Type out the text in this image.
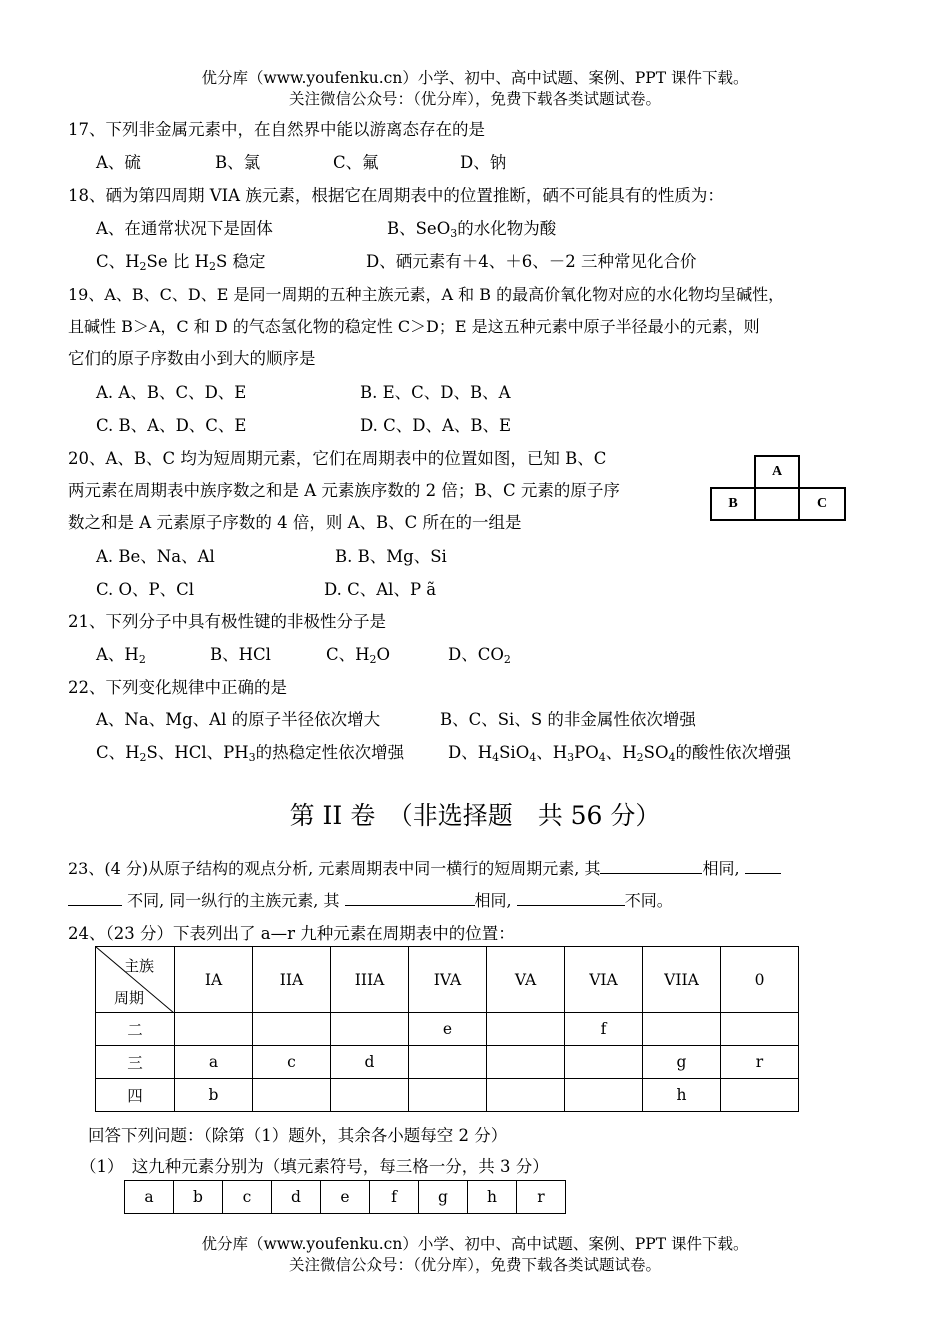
优分库（www.youfenku.cn）小学、初中、高中试题、案例、PPT 课件下载。
关注微信公众号：（优分库），免费下载各类试题试卷。
17、下列非金属元素中，在自然界中能以游离态存在的是
A、硫	B、氯	C、氟	D、钠
18、硒为第四周期 VIA 族元素，根据它在周期表中的位置推断，硒不可能具有的性质为：
A、在通常状况下是固体	B、SeO$_3$的水化物为酸
C、$H_2Se$ 比 $H_2S$ 稳定	D、硒元素有＋4、＋6、－2 三种常见化合价
19、A、B、C、D、E 是同一周期的五种主族元素，A 和 B 的最高价氧化物对应的水化物均呈碱性，
且碱性 B＞A，C 和 D 的气态氢化物的稳定性 C＞D；E 是这五种元素中原子半径最小的元素，则
它们的原子序数由小到大的顺序是
A. A、B、C、D、E	B. E、C、D、B、A
C. B、A、D、C、E	D. C、D、A、B、E
20、A、B、C 均为短周期元素，它们在周期表中的位置如图，已知 B、C
两元素在周期表中族序数之和是 A 元素族序数的 2 倍；B、C 元素的原子序
数之和是 A 元素原子序数的 4 倍，则 A、B、C 所在的一组是
A
B	C
A. Be、Na、Al	B. B、Mg、Si
C. O、P、Cl	D. C、Al、P ã
21、下列分子中具有极性键的非极性分子是
A、$H_2$	B、HCl	C、$H_2O$	D、$CO_2$
22、下列变化规律中正确的是
A、Na、Mg、Al 的原子半径依次增大	B、C、Si、S 的非金属性依次增强
C、$H_2S$、HCl、$PH_3$的热稳定性依次增强	D、$H_4SiO_4$、$H_3PO_4$、$H_2SO_4$的酸性依次增强
第 II 卷　（非选择题　共 56 分）
23、(4 分)从原子结构的观点分析, 元素周期表中同一横行的短周期元素, 其	相同,
不同, 同一纵行的主族元素, 其	相同,	不同。
24、（23 分）下表列出了 a—r 九种元素在周期表中的位置：
主族
周期	IA	IIA	IIIA	IVA	VA	VIA	VIIA	0
二				e		f		
三	a	c	d				g	r
四	b						h	
回答下列问题：（除第（1）题外，其余各小题每空 2 分）
（1）　这九种元素分别为（填元素符号，每三格一分，共 3 分）
a	b	c	d	e	f	g	h	r
优分库（www.youfenku.cn）小学、初中、高中试题、案例、PPT 课件下载。
关注微信公众号：（优分库），免费下载各类试题试卷。
